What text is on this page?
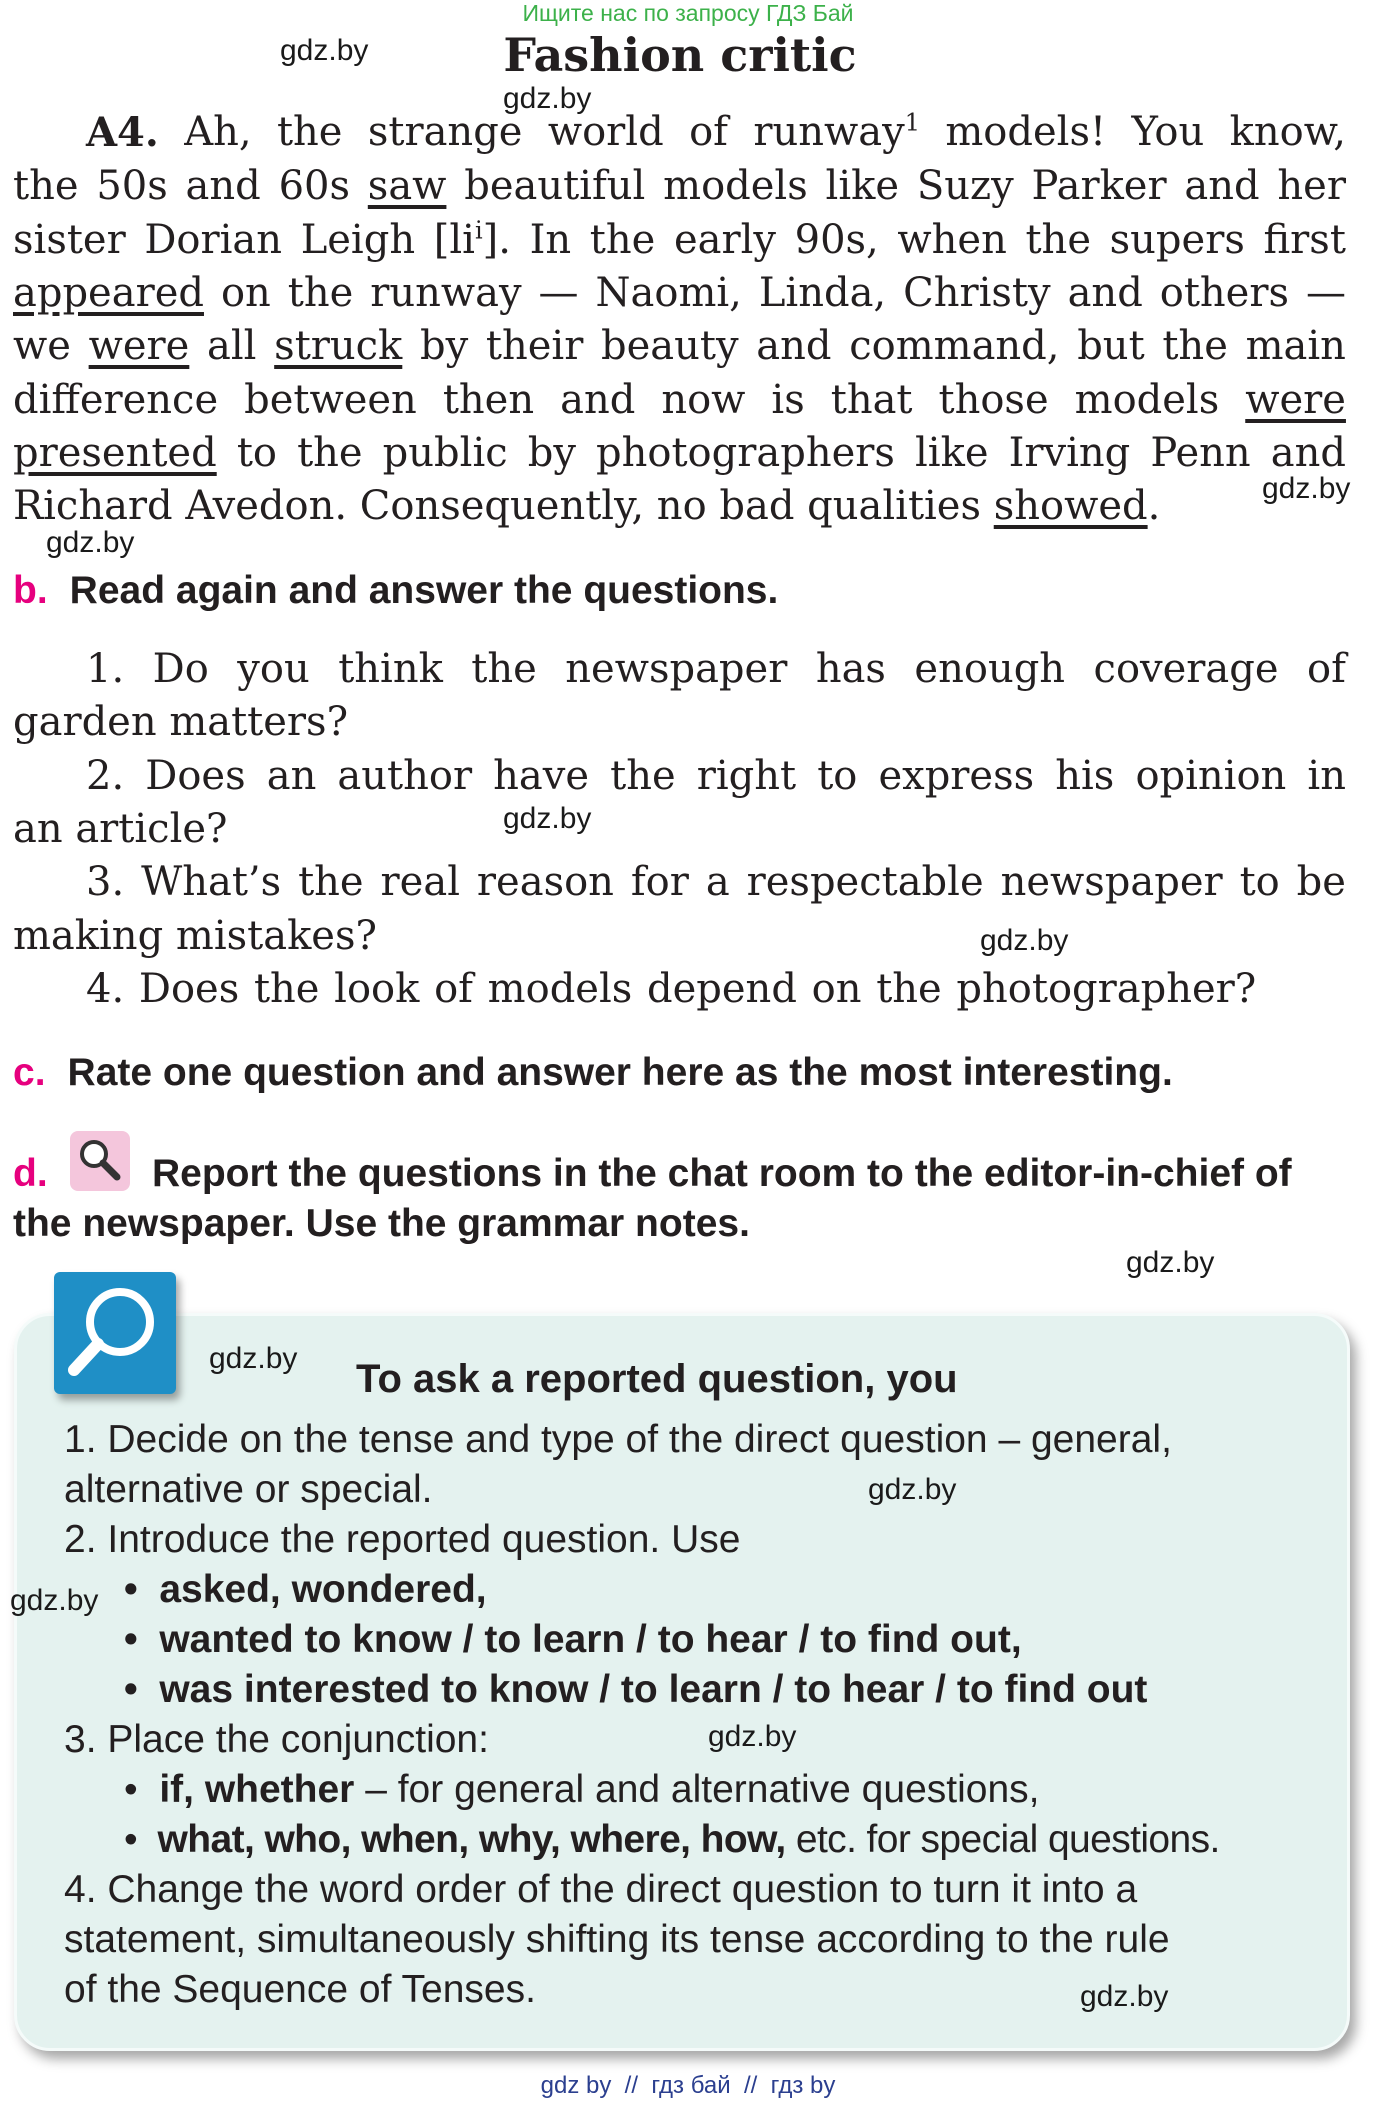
Ищите нас по запросу ГДЗ Бай
Fashion critic
gdz.by
gdz.by
gdz.by
gdz.by
gdz.by
gdz.by
gdz.by
gdz.by
gdz.by
gdz.by
gdz.by
gdz.by
A4. Ah, the strange world of runway$^1$ models! You know,
the 50s and 60s saw beautiful models like Suzy Parker and her
sister Dorian Leigh $[li^i]$. In the early 90s, when the supers first
appeared on the runway — Naomi, Linda, Christy and others —
we were all struck by their beauty and command, but the main
difference between then and now is that those models were
presented to the public by photographers like Irving Penn and
Richard Avedon. Consequently, no bad qualities showed.
b. Read again and answer the questions.
1. Do you think the newspaper has enough coverage of
garden matters?
2. Does an author have the right to express his opinion in
an article?
3. What’s the real reason for a respectable newspaper to be
making mistakes?
4. Does the look of models depend on the photographer?
c. Rate one question and answer here as the most interesting.
d.	Report the questions in the chat room to the editor-in-chief of
the newspaper. Use the grammar notes.
To ask a reported question, you
1. Decide on the tense and type of the direct question – general,
alternative or special.
2. Introduce the reported question. Use
•  asked, wondered,
•  wanted to know / to learn / to hear / to find out,
•  was interested to know / to learn / to hear / to find out
3. Place the conjunction:
•  if, whether – for general and alternative questions,
•  what, who, when, why, where, how, etc. for special questions.
4. Change the word order of the direct question to turn it into a
statement, simultaneously shifting its tense according to the rule
of the Sequence of Tenses.
gdz by  //  гдз бай  //  гдз by
